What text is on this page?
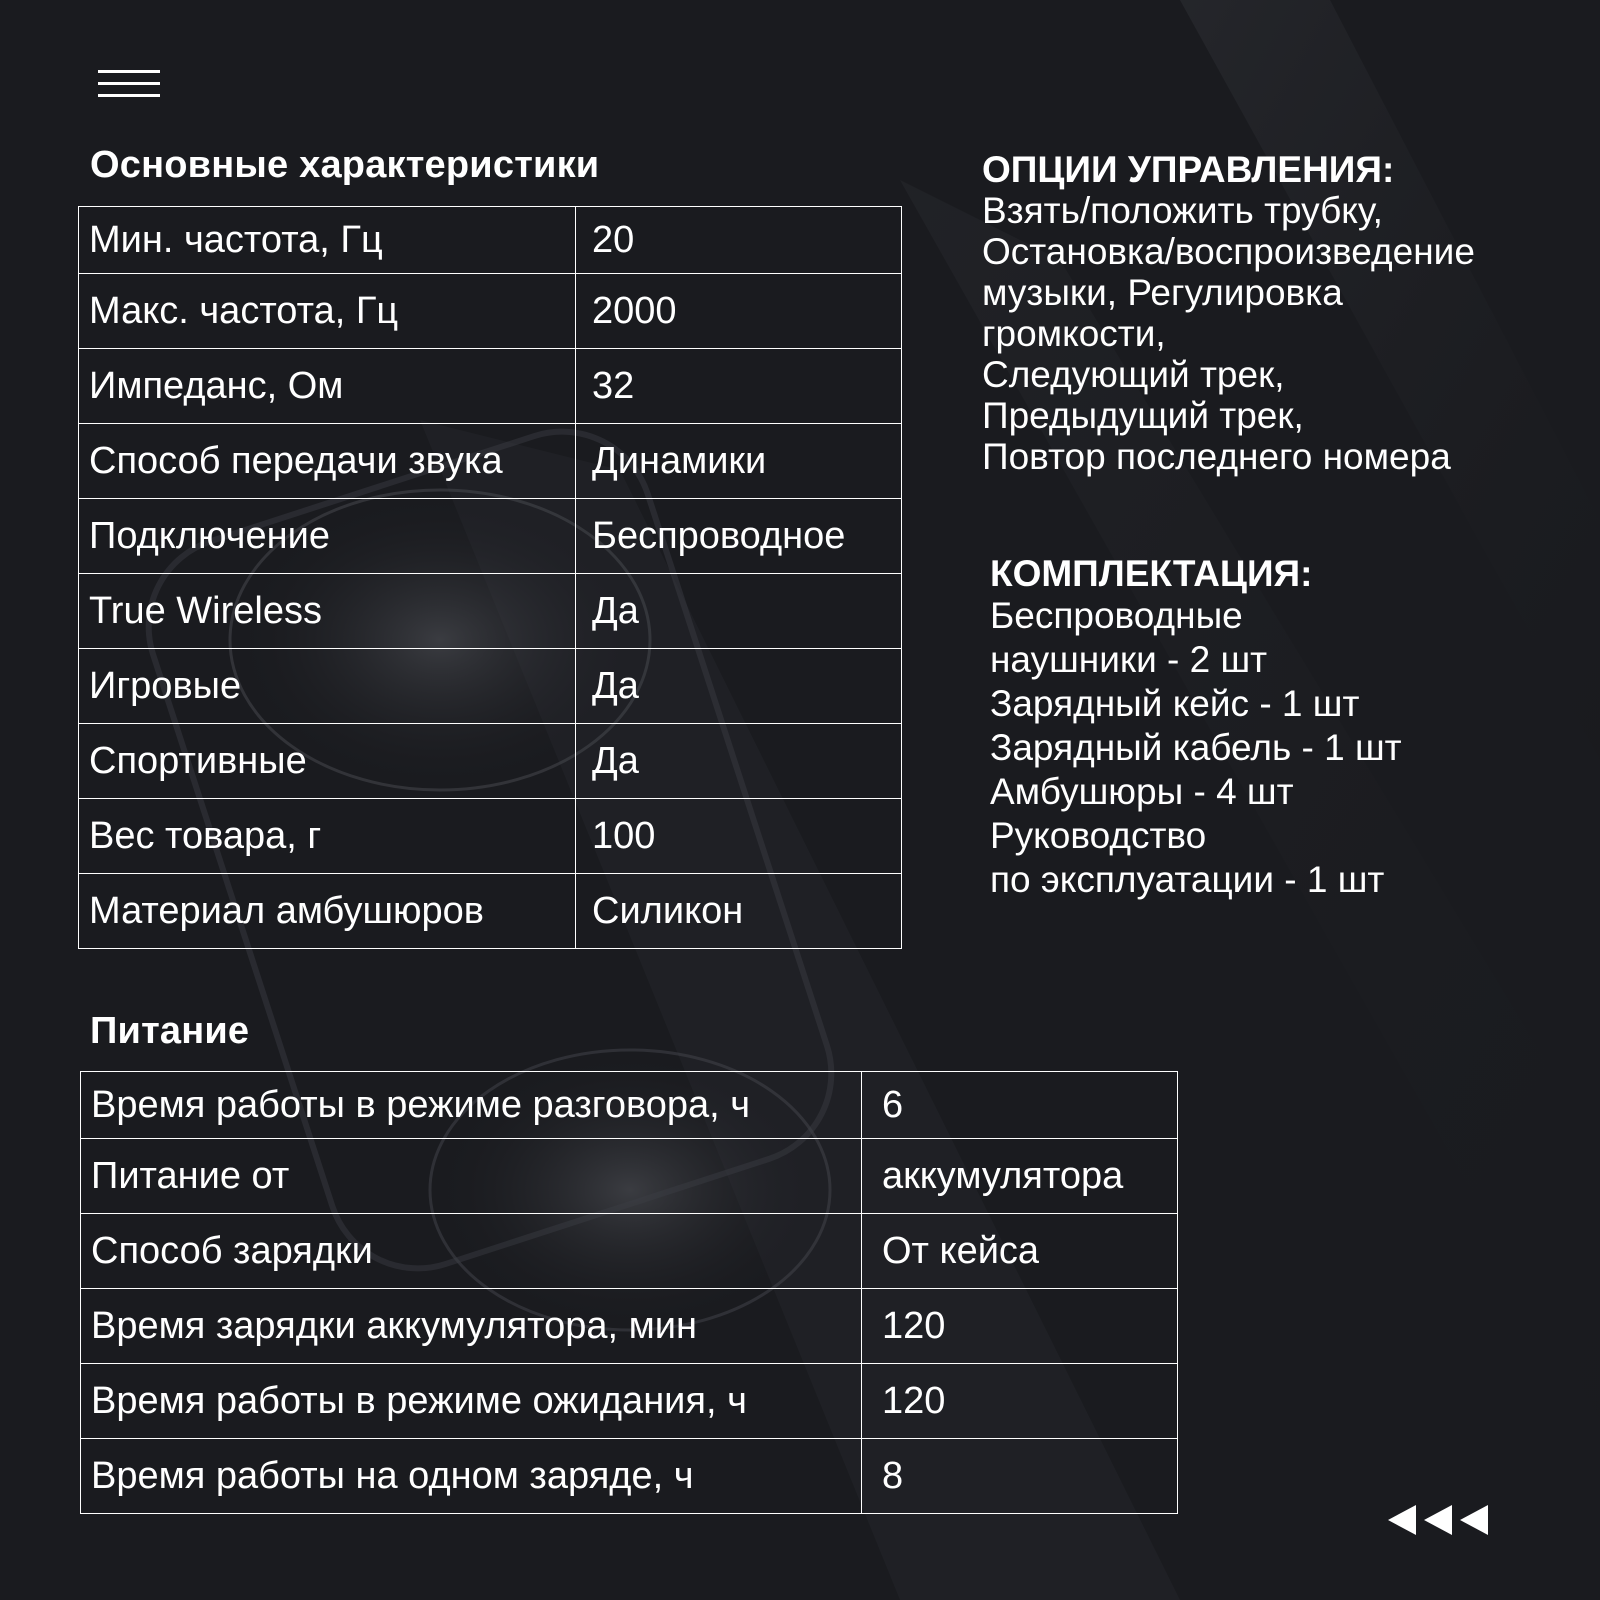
Основные характеристики
Мин. частота, Гц	20
Макс. частота, Гц	2000
Импеданс, Ом	32
Способ передачи звука	Динамики
Подключение	Беспроводное
True Wireless	Да
Игровые	Да
Спортивные	Да
Вес товара, г	100
Материал амбушюров	Силикон
Питание
Время работы в режиме разговора, ч	6
Питание от	аккумулятора
Способ зарядки	От кейса
Время зарядки аккумулятора, мин	120
Время работы в режиме ожидания, ч	120
Время работы на одном заряде, ч	8
ОПЦИИ УПРАВЛЕНИЯ:
Взять/положить трубку,
Остановка/воспроизведение
музыки, Регулировка
громкости,
Следующий трек,
Предыдущий трек,
Повтор последнего номера
КОМПЛЕКТАЦИЯ:
Беспроводные
наушники - 2 шт
Зарядный кейс - 1 шт
Зарядный кабель - 1 шт
Амбушюры - 4 шт
Руководство
по эксплуатации - 1 шт
